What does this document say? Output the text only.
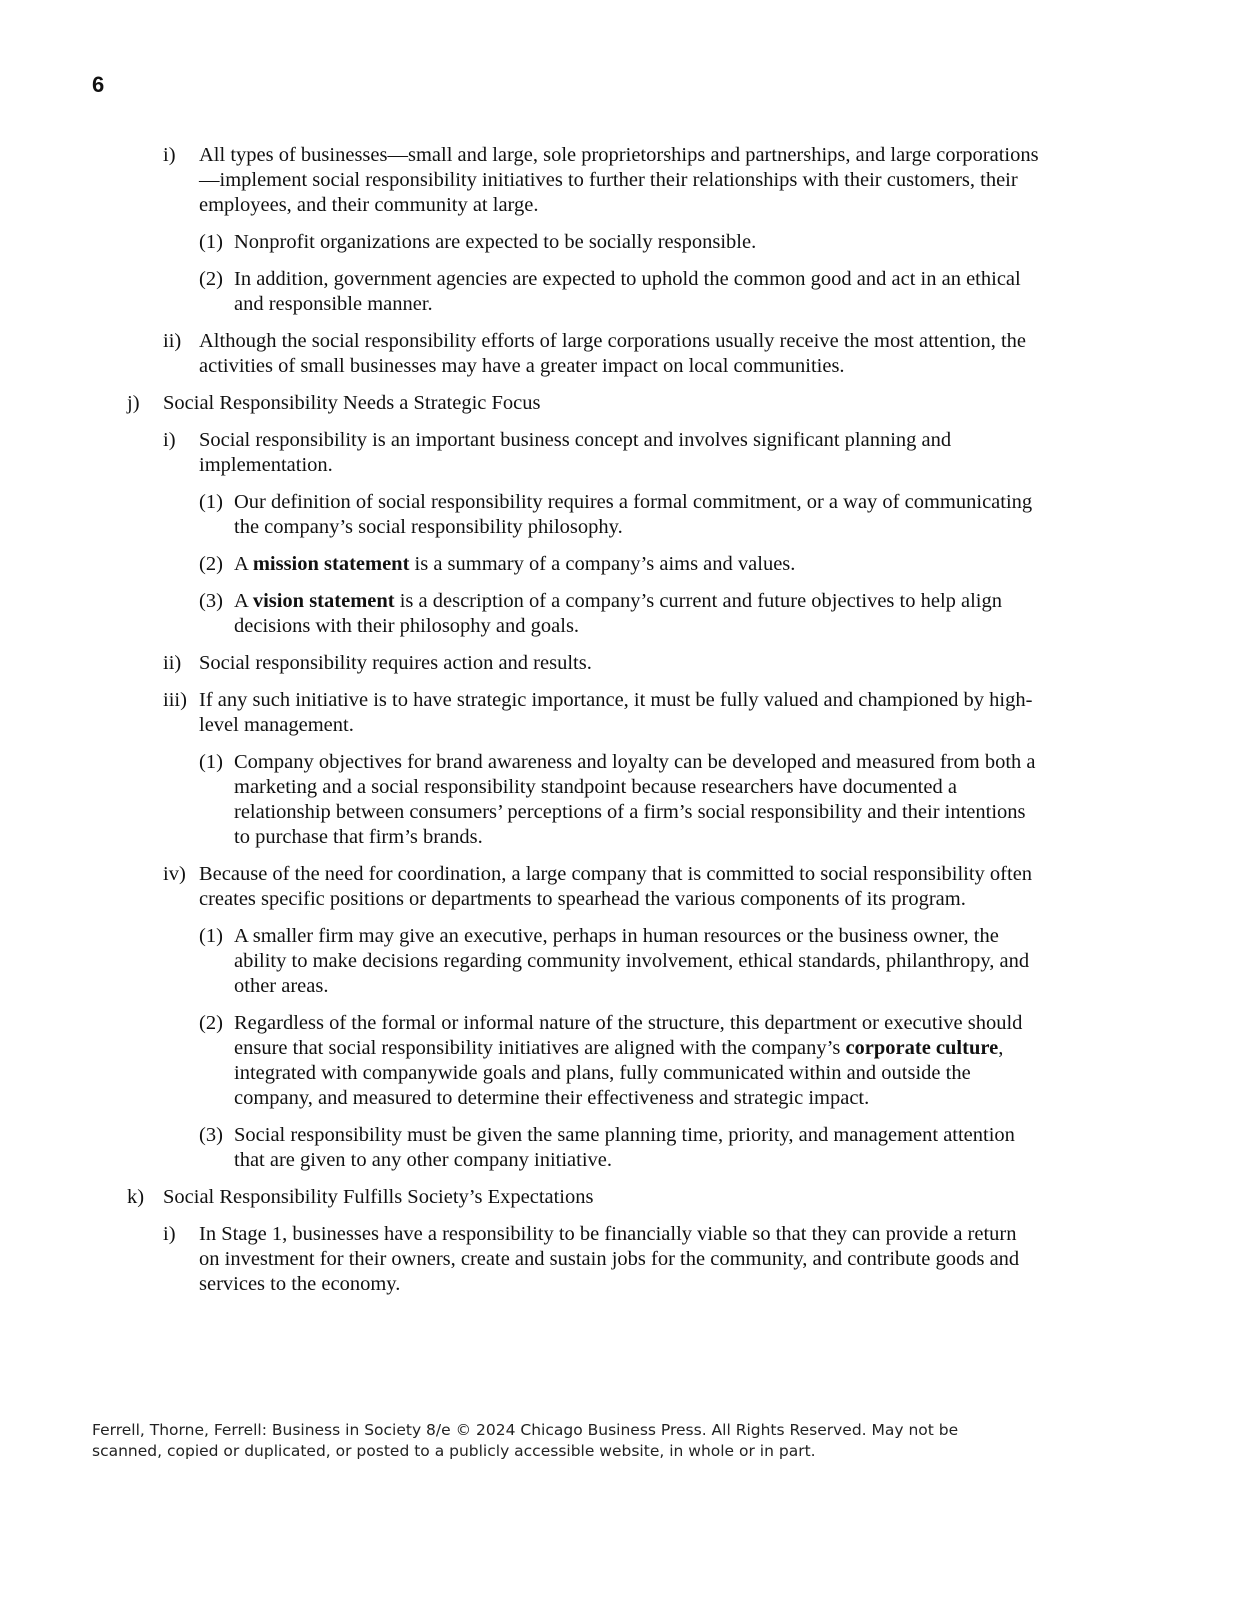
6
i) All types of businesses—small and large, sole proprietorships and partnerships, and large corporations—implement social responsibility initiatives to further their relationships with their customers, their employees, and their community at large.
(1) Nonprofit organizations are expected to be socially responsible.
(2) In addition, government agencies are expected to uphold the common good and act in an ethical and responsible manner.
ii) Although the social responsibility efforts of large corporations usually receive the most attention, the activities of small businesses may have a greater impact on local communities.
j) Social Responsibility Needs a Strategic Focus
i) Social responsibility is an important business concept and involves significant planning and implementation.
(1) Our definition of social responsibility requires a formal commitment, or a way of communicating the company’s social responsibility philosophy.
(2) A mission statement is a summary of a company’s aims and values.
(3) A vision statement is a description of a company’s current and future objectives to help align decisions with their philosophy and goals.
ii) Social responsibility requires action and results.
iii) If any such initiative is to have strategic importance, it must be fully valued and championed by high-level management.
(1) Company objectives for brand awareness and loyalty can be developed and measured from both a marketing and a social responsibility standpoint because researchers have documented a relationship between consumers’ perceptions of a firm’s social responsibility and their intentions to purchase that firm’s brands.
iv) Because of the need for coordination, a large company that is committed to social responsibility often creates specific positions or departments to spearhead the various components of its program.
(1) A smaller firm may give an executive, perhaps in human resources or the business owner, the ability to make decisions regarding community involvement, ethical standards, philanthropy, and other areas.
(2) Regardless of the formal or informal nature of the structure, this department or executive should ensure that social responsibility initiatives are aligned with the company’s corporate culture, integrated with companywide goals and plans, fully communicated within and outside the company, and measured to determine their effectiveness and strategic impact.
(3) Social responsibility must be given the same planning time, priority, and management attention that are given to any other company initiative.
k) Social Responsibility Fulfills Society’s Expectations
i) In Stage 1, businesses have a responsibility to be financially viable so that they can provide a return on investment for their owners, create and sustain jobs for the community, and contribute goods and services to the economy.
Ferrell, Thorne, Ferrell: Business in Society 8/e © 2024 Chicago Business Press. All Rights Reserved. May not be scanned, copied or duplicated, or posted to a publicly accessible website, in whole or in part.
